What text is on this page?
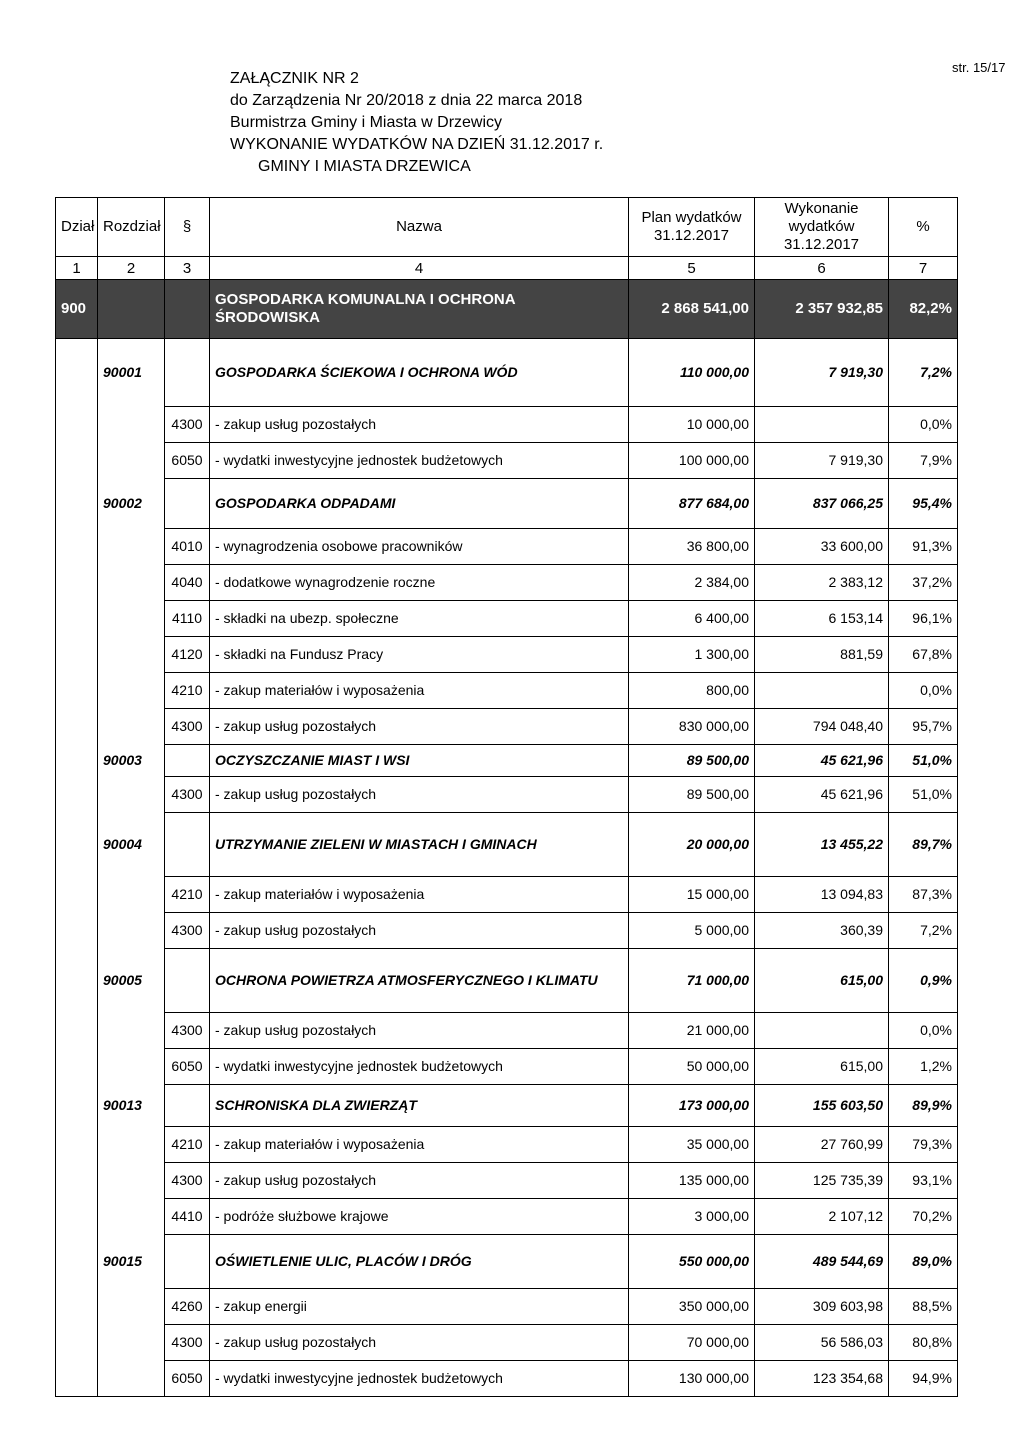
ZAŁĄCZNIK NR 2
do Zarządzenia Nr 20/2018 z dnia 22 marca 2018
Burmistrza Gminy i Miasta w Drzewicy
WYKONANIE WYDATKÓW NA DZIEŃ 31.12.2017 r.
GMINY I MIASTA DRZEWICA
str. 15/17
Dział	Rozdział	§	Nazwa	Plan wydatków 31.12.2017	Wykonanie wydatków 31.12.2017	%
1	2	3	4	5	6	7
900			GOSPODARKA KOMUNALNA I OCHRONA ŚRODOWISKA	2 868 541,00	2 357 932,85	82,2%
	90001		GOSPODARKA ŚCIEKOWA I OCHRONA WÓD	110 000,00	7 919,30	7,2%
		4300	- zakup usług pozostałych	10 000,00		0,0%
		6050	- wydatki inwestycyjne jednostek budżetowych	100 000,00	7 919,30	7,9%
	90002		GOSPODARKA ODPADAMI	877 684,00	837 066,25	95,4%
		4010	- wynagrodzenia osobowe pracowników	36 800,00	33 600,00	91,3%
		4040	- dodatkowe wynagrodzenie roczne	2 384,00	2 383,12	37,2%
		4110	- składki na ubezp. społeczne	6 400,00	6 153,14	96,1%
		4120	- składki na Fundusz Pracy	1 300,00	881,59	67,8%
		4210	- zakup materiałów i wyposażenia	800,00		0,0%
		4300	- zakup usług pozostałych	830 000,00	794 048,40	95,7%
	90003		OCZYSZCZANIE MIAST I WSI	89 500,00	45 621,96	51,0%
		4300	- zakup usług pozostałych	89 500,00	45 621,96	51,0%
	90004		UTRZYMANIE ZIELENI W MIASTACH I GMINACH	20 000,00	13 455,22	89,7%
		4210	- zakup materiałów i wyposażenia	15 000,00	13 094,83	87,3%
		4300	- zakup usług pozostałych	5 000,00	360,39	7,2%
	90005		OCHRONA POWIETRZA ATMOSFERYCZNEGO I KLIMATU	71 000,00	615,00	0,9%
		4300	- zakup usług pozostałych	21 000,00		0,0%
		6050	- wydatki inwestycyjne jednostek budżetowych	50 000,00	615,00	1,2%
	90013		SCHRONISKA DLA ZWIERZĄT	173 000,00	155 603,50	89,9%
		4210	- zakup materiałów i wyposażenia	35 000,00	27 760,99	79,3%
		4300	- zakup usług pozostałych	135 000,00	125 735,39	93,1%
		4410	- podróże służbowe krajowe	3 000,00	2 107,12	70,2%
	90015		OŚWIETLENIE ULIC, PLACÓW I DRÓG	550 000,00	489 544,69	89,0%
		4260	- zakup energii	350 000,00	309 603,98	88,5%
		4300	- zakup usług pozostałych	70 000,00	56 586,03	80,8%
		6050	- wydatki inwestycyjne jednostek budżetowych	130 000,00	123 354,68	94,9%
